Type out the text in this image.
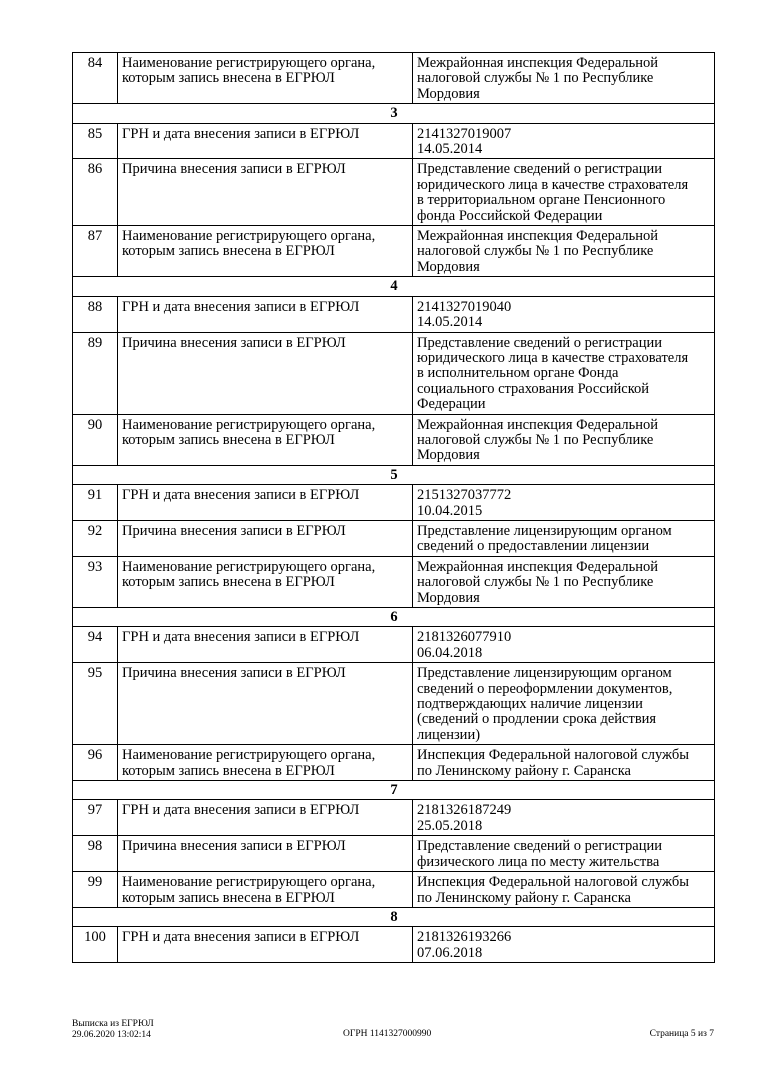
84	Наименование регистрирующего органа,
которым запись внесена в ЕГРЮЛ	Межрайонная инспекция Федеральной
налоговой службы № 1 по Республике
Мордовия
3		
85	ГРН и дата внесения записи в ЕГРЮЛ	2141327019007
14.05.2014
86	Причина внесения записи в ЕГРЮЛ	Представление сведений о регистрации
юридического лица в качестве страхователя
в территориальном органе Пенсионного
фонда Российской Федерации
87	Наименование регистрирующего органа,
которым запись внесена в ЕГРЮЛ	Межрайонная инспекция Федеральной
налоговой службы № 1 по Республике
Мордовия
4		
88	ГРН и дата внесения записи в ЕГРЮЛ	2141327019040
14.05.2014
89	Причина внесения записи в ЕГРЮЛ	Представление сведений о регистрации
юридического лица в качестве страхователя
в исполнительном органе Фонда
социального страхования Российской
Федерации
90	Наименование регистрирующего органа,
которым запись внесена в ЕГРЮЛ	Межрайонная инспекция Федеральной
налоговой службы № 1 по Республике
Мордовия
5		
91	ГРН и дата внесения записи в ЕГРЮЛ	2151327037772
10.04.2015
92	Причина внесения записи в ЕГРЮЛ	Представление лицензирующим органом
сведений о предоставлении лицензии
93	Наименование регистрирующего органа,
которым запись внесена в ЕГРЮЛ	Межрайонная инспекция Федеральной
налоговой службы № 1 по Республике
Мордовия
6		
94	ГРН и дата внесения записи в ЕГРЮЛ	2181326077910
06.04.2018
95	Причина внесения записи в ЕГРЮЛ	Представление лицензирующим органом
сведений о переоформлении документов,
подтверждающих наличие лицензии
(сведений о продлении срока действия
лицензии)
96	Наименование регистрирующего органа,
которым запись внесена в ЕГРЮЛ	Инспекция Федеральной налоговой службы
по Ленинскому району г. Саранска
7		
97	ГРН и дата внесения записи в ЕГРЮЛ	2181326187249
25.05.2018
98	Причина внесения записи в ЕГРЮЛ	Представление сведений о регистрации
физического лица по месту жительства
99	Наименование регистрирующего органа,
которым запись внесена в ЕГРЮЛ	Инспекция Федеральной налоговой службы
по Ленинскому району г. Саранска
8		
100	ГРН и дата внесения записи в ЕГРЮЛ	2181326193266
07.06.2018
Выписка из ЕГРЮЛ
29.06.2020 13:02:14	ОГРН 1141327000990	Страница 5 из 7
